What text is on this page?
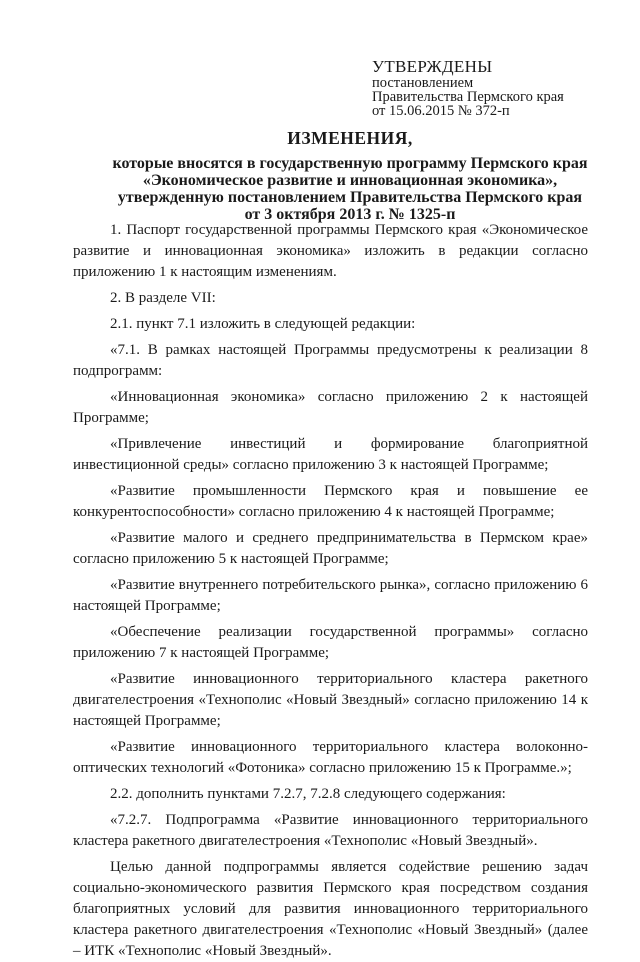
УТВЕРЖДЕНЫ
постановлением
Правительства Пермского края
от 15.06.2015 № 372-п
ИЗМЕНЕНИЯ,
которые вносятся в государственную программу Пермского края
«Экономическое развитие и инновационная экономика»,
утвержденную постановлением Правительства Пермского края
от 3 октября 2013 г. № 1325-п

1. Паспорт государственной программы Пермского края «Экономическое развитие и инновационная экономика» изложить в редакции согласно приложению 1 к настоящим изменениям.

2. В разделе VII:

2.1. пункт 7.1 изложить в следующей редакции:

«7.1. В рамках настоящей Программы предусмотрены к реализации 8 подпрограмм:

«Инновационная экономика» согласно приложению 2 к настоящей Программе;

«Привлечение инвестиций и формирование благоприятной инвестиционной среды» согласно приложению 3 к настоящей Программе;

«Развитие промышленности Пермского края и повышение ее конкурентоспособности» согласно приложению 4 к настоящей Программе;

«Развитие малого и среднего предпринимательства в Пермском крае» согласно приложению 5 к настоящей Программе;

«Развитие внутреннего потребительского рынка», согласно приложению 6 настоящей Программе;

«Обеспечение реализации государственной программы» согласно приложению 7 к настоящей Программе;

«Развитие инновационного территориального кластера ракетного двигателестроения «Технополис «Новый Звездный» согласно приложению 14 к настоящей Программе;

«Развитие инновационного территориального кластера волоконно-оптических технологий «Фотоника» согласно приложению 15 к Программе.»;

2.2. дополнить пунктами 7.2.7, 7.2.8 следующего содержания:

«7.2.7. Подпрограмма «Развитие инновационного территориального кластера ракетного двигателестроения «Технополис «Новый Звездный».

Целью данной подпрограммы является содействие решению задач социально-экономического развития Пермского края посредством создания благоприятных условий для развития инновационного территориального кластера ракетного двигателестроения «Технополис «Новый Звездный» (далее – ИТК «Технополис «Новый Звездный».
